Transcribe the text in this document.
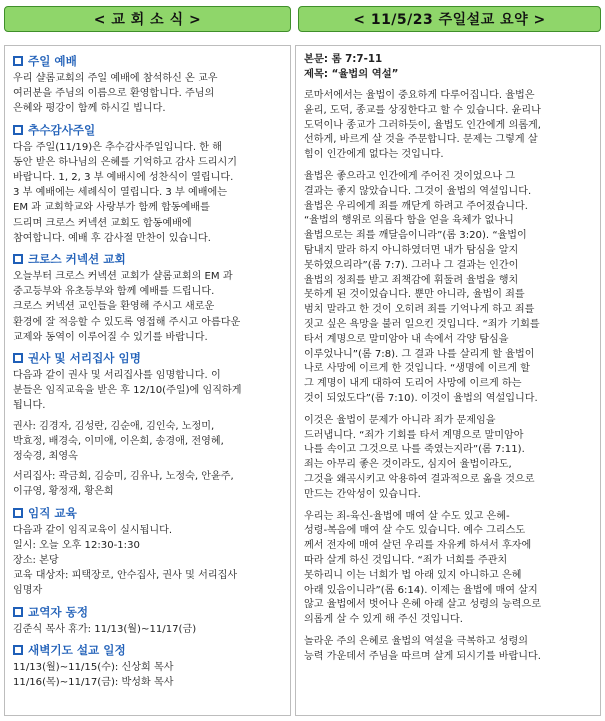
< 교 회 소 식 >	< 11/5/23 주일설교 요약 >
주일 예배
우리 샬롬교회의 주일 예배에 참석하신 온 교우
여러분을 주님의 이름으로 환영합니다. 주님의
은혜와 평강이 함께 하시길 빕니다.
추수감사주일
다음 주일(11/19)은 추수감사주일입니다. 한 해
동안 받은 하나님의 은혜를 기억하고 감사 드리시기
바랍니다. 1, 2, 3 부 예배시에 성찬식이 열립니다.
3 부 예배에는 세례식이 열립니다. 3 부 예배에는
EM 과 교회학교와 사랑부가 함께 합동예배를
드리며 크로스 커넥션 교회도 합동예배에
참여합니다. 예배 후 감사절 만찬이 있습니다.
크로스 커넥션 교회
오늘부터 크로스 커넥션 교회가 샬롬교회의 EM 과
중고등부와 유초등부와 함께 예배를 드립니다.
크로스 커넥션 교인들을 환영해 주시고 새로운
환경에 잘 적응할 수 있도록 영접해 주시고 아름다운
교제와 동역이 이루어질 수 있기를 바랍니다.
권사 및 서리집사 임명
다음과 같이 권사 및 서리집사를 임명합니다. 이
분들은 임직교육을 받은 후 12/10(주일)에 임직하게
됩니다.
권사: 김경자, 김성란, 김순애, 김인숙, 노정미,
박효정, 배경숙, 이미애, 이은희, 송경애, 전영혜,
정숙경, 최영옥
서리집사: 곽금희, 김승미, 김유나, 노정숙, 안윤주,
이규영, 황정재, 황은희
임직 교육
다음과 같이 임직교육이 실시됩니다.
일시: 오늘 오후 12:30-1:30
장소: 본당
교육 대상자: 피택장로, 안수집사, 권사 및 서리집사
임명자
교역자 동정
김준식 목사 휴가: 11/13(월)~11/17(금)
새벽기도 설교 일정
11/13(월)~11/15(수): 신상희 목사
11/16(목)~11/17(금): 박성화 목사
본문: 롬 7:7-11
제목: “율법의 역설”
로마서에서는 율법이 중요하게 다루어집니다. 율법은
윤리, 도덕, 종교를 상징한다고 할 수 있습니다. 윤리나
도덕이나 종교가 그러하듯이, 율법도 인간에게 의롭게,
선하게, 바르게 살 것을 주문합니다. 문제는 그렇게 살
힘이 인간에게 없다는 것입니다.
율법은 좋으라고 인간에게 주어진 것이었으나 그
결과는 좋지 않았습니다. 그것이 율법의 역설입니다.
율법은 우리에게 죄를 깨닫게 하려고 주어졌습니다.
“율법의 행위로 의롭다 함을 얻을 육체가 없나니
율법으로는 죄를 깨달음이니라”(롬 3:20). “율법이
탐내지 말라 하지 아니하였더면 내가 탐심을 알지
못하였으리라”(롬 7:7). 그러나 그 결과는 인간이
율법의 정죄를 받고 죄책감에 휘둘려 율법을 행치
못하게 된 것이었습니다. 뿐만 아니라, 율법이 죄를
범치 말라고 한 것이 오히려 죄를 기억나게 하고 죄를
짓고 싶은 욕망을 불러 일으킨 것입니다. “죄가 기회를
타서 계명으로 말미암아 내 속에서 각양 탐심을
이루었나니”(롬 7:8). 그 결과 나를 살리게 할 율법이
나로 사망에 이르게 한 것입니다. “생명에 이르게 할
그 계명이 내게 대하여 도리어 사망에 이르게 하는
것이 되었도다”(롬 7:10). 이것이 율법의 역설입니다.
이것은 율법이 문제가 아니라 죄가 문제임을
드러냅니다. “죄가 기회를 타서 계명으로 말미암아
나를 속이고 그것으로 나를 죽였는지라”(롬 7:11).
죄는 아무리 좋은 것이라도, 심지어 율법이라도,
그것을 왜곡시키고 악용하여 결과적으로 옮을 것으로
만드는 간악성이 있습니다.
우리는 죄-육신-율법에 매여 살 수도 있고 은혜-
성령-복음에 매여 살 수도 있습니다. 예수 그리스도
께서 전자에 매여 살던 우리를 자유케 하셔서 후자에
따라 살게 하신 것입니다. “죄가 너희를 주관치
못하리니 이는 너희가 법 아래 있지 아니하고 은혜
아래 있음이니라”(롬 6:14). 이제는 율법에 매여 살지
않고 율법에서 벗어나 은혜 아래 살고 성령의 능력으로
의롭게 살 수 있게 해 주신 것입니다.
놀라운 주의 은혜로 율법의 역설을 극복하고 성령의
능력 가운데서 주님을 따르며 살게 되시기를 바랍니다.
